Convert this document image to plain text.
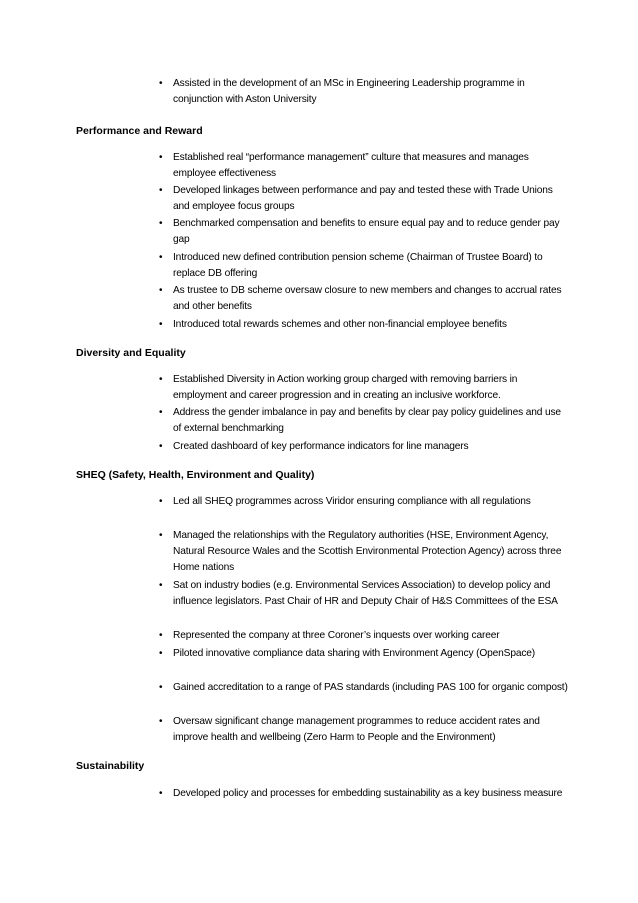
•	Assisted in the development of an MSc in Engineering Leadership programme in conjunction with Aston University
Performance and Reward
•	Established real “performance management” culture that measures and manages employee effectiveness
•	Developed linkages between performance and pay and tested these with Trade Unions and employee focus groups
•	Benchmarked compensation and benefits to ensure equal pay and to reduce gender pay gap
•	Introduced new defined contribution pension scheme (Chairman of Trustee Board) to replace DB offering
•	As trustee to DB scheme oversaw closure to new members and changes to accrual rates and other benefits
•	Introduced total rewards schemes and other non-financial employee benefits
Diversity and Equality
•	Established Diversity in Action working group charged with removing barriers in employment and career progression and in creating an inclusive workforce.
•	Address the gender imbalance in pay and benefits by clear pay policy guidelines and use of external benchmarking
•	Created dashboard of key performance indicators for line managers
SHEQ (Safety, Health, Environment and Quality)
•	Led all SHEQ programmes across Viridor ensuring compliance with all regulations
•	Managed the relationships with the Regulatory authorities (HSE, Environment Agency, Natural Resource Wales and the Scottish Environmental Protection Agency) across three Home nations
•	Sat on industry bodies (e.g. Environmental Services Association) to develop policy and influence legislators. Past Chair of HR and Deputy Chair of H&S Committees of the ESA
•	Represented the company at three Coroner’s inquests over working career
•	Piloted innovative compliance data sharing with Environment Agency (OpenSpace)
•	Gained accreditation to a range of PAS standards (including PAS 100 for organic compost)
•	Oversaw significant change management programmes to reduce accident rates and improve health and wellbeing (Zero Harm to People and the Environment)
Sustainability
•	Developed policy and processes for embedding sustainability as a key business measure
